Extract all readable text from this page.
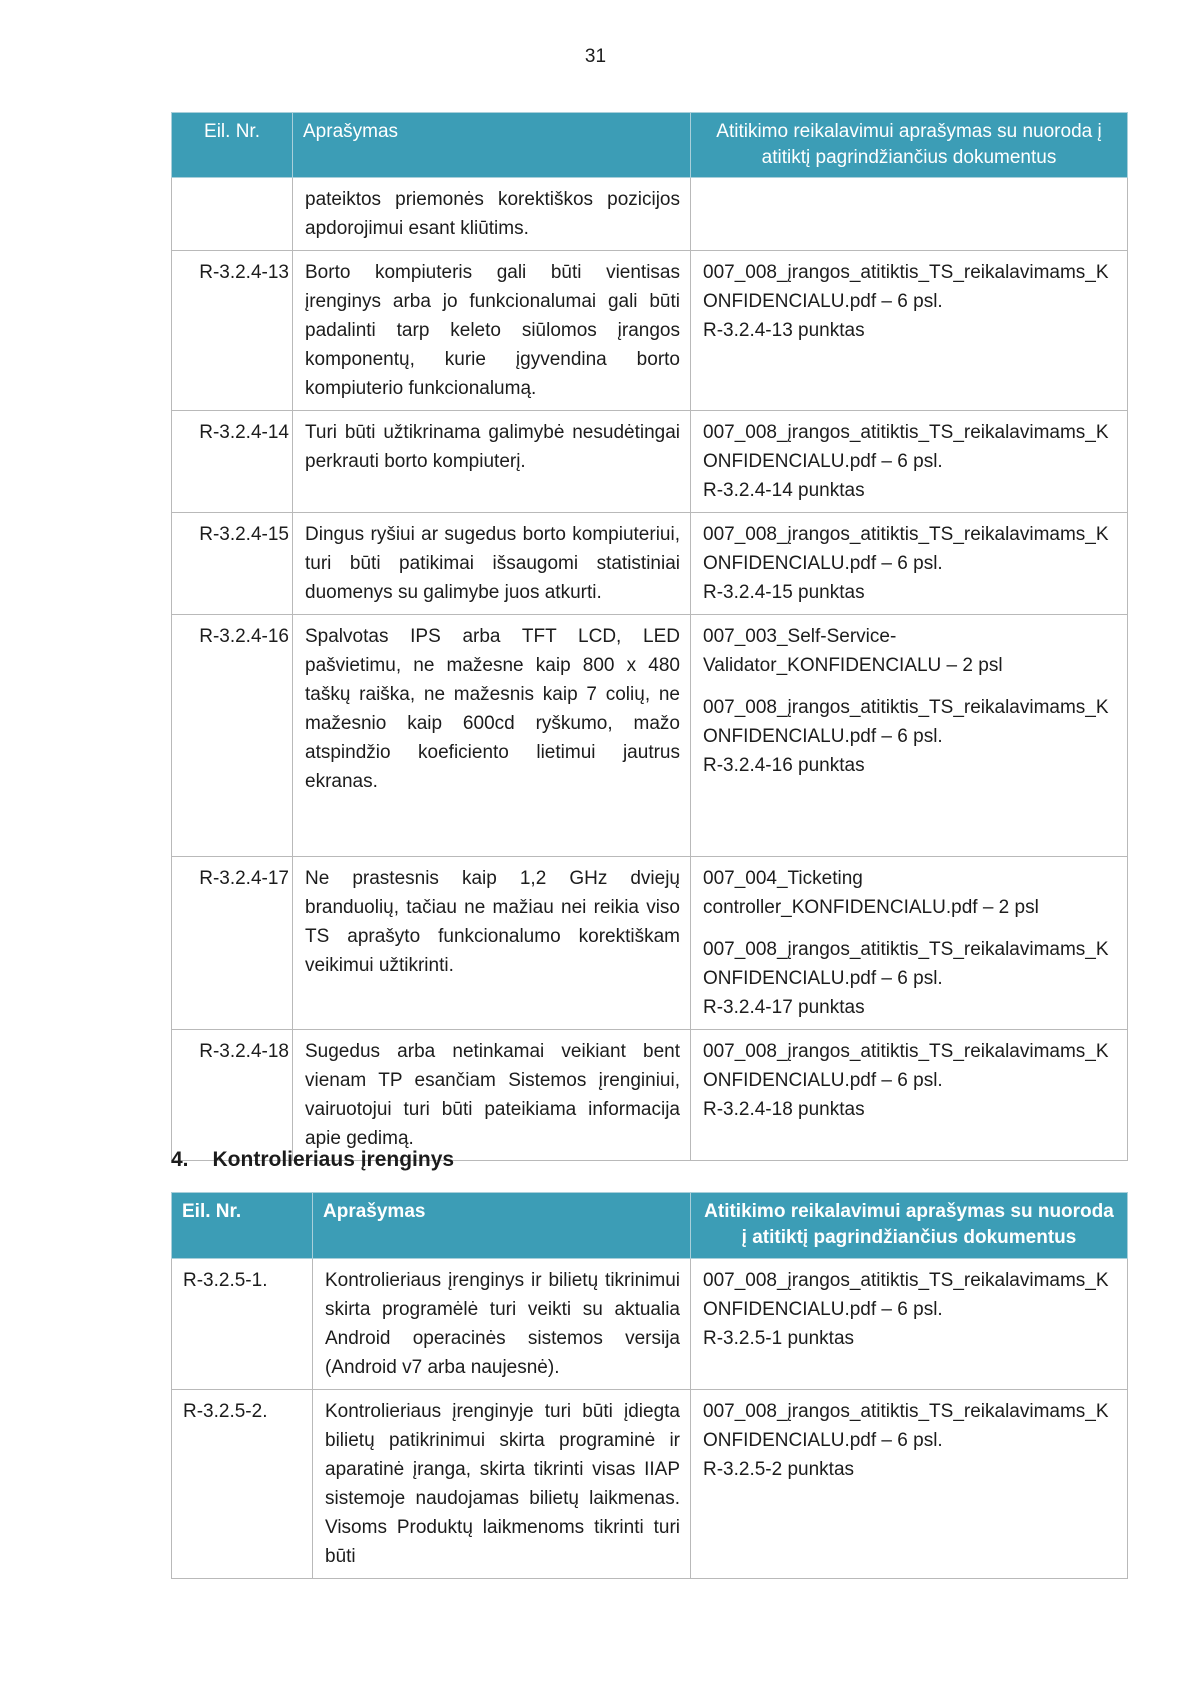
31
Eil. Nr.	Aprašymas	Atitikimo reikalavimui aprašymas su nuoroda į atitiktį pagrindžiančius dokumentus
	pateiktos priemonės korektiškos pozicijos apdorojimui esant kliūtims.	
R-3.2.4-13	Borto kompiuteris gali būti vientisas įrenginys arba jo funkcionalumai gali būti padalinti tarp keleto siūlomos įrangos komponentų, kurie įgyvendina borto kompiuterio funkcionalumą.	007_008_įrangos_atitiktis_TS_reikalavimams_KONFIDENCIALU.pdf – 6 psl.
R-3.2.4-13 punktas

R-3.2.4-14	Turi būti užtikrinama galimybė nesudėtingai perkrauti borto kompiuterį.	007_008_įrangos_atitiktis_TS_reikalavimams_KONFIDENCIALU.pdf – 6 psl.
R-3.2.4-14 punktas

R-3.2.4-15	Dingus ryšiui ar sugedus borto kompiuteriui, turi būti patikimai išsaugomi statistiniai duomenys su galimybe juos atkurti.	007_008_įrangos_atitiktis_TS_reikalavimams_KONFIDENCIALU.pdf – 6 psl.
R-3.2.4-15 punktas

R-3.2.4-16	Spalvotas IPS arba TFT LCD, LED pašvietimu, ne mažesne kaip 800 x 480 taškų raiška, ne mažesnis kaip 7 colių, ne mažesnio kaip 600cd ryškumo, mažo atspindžio koeficiento lietimui jautrus ekranas.	007_003_Self-Service-Validator_KONFIDENCIALU – 2 psl

007_008_įrangos_atitiktis_TS_reikalavimams_KONFIDENCIALU.pdf – 6 psl.
R-3.2.4-16 punktas

R-3.2.4-17	Ne prastesnis kaip 1,2 GHz dviejų branduolių, tačiau ne mažiau nei reikia viso TS aprašyto funkcionalumo korektiškam veikimui užtikrinti.	007_004_Ticketing controller_KONFIDENCIALU.pdf – 2 psl

007_008_įrangos_atitiktis_TS_reikalavimams_KONFIDENCIALU.pdf – 6 psl.
R-3.2.4-17 punktas

R-3.2.4-18	Sugedus arba netinkamai veikiant bent vienam TP esančiam Sistemos įrenginiui, vairuotojui turi būti pateikiama informacija apie gedimą.	007_008_įrangos_atitiktis_TS_reikalavimams_KONFIDENCIALU.pdf – 6 psl.
R-3.2.4-18 punktas

4. Kontrolieriaus įrenginys
Eil. Nr.	Aprašymas	Atitikimo reikalavimui aprašymas su nuoroda į atitiktį pagrindžiančius dokumentus
R-3.2.5-1.	Kontrolieriaus įrenginys ir bilietų tikrinimui skirta programėlė turi veikti su aktualia Android operacinės sistemos versija (Android v7 arba naujesnė).	007_008_įrangos_atitiktis_TS_reikalavimams_KONFIDENCIALU.pdf – 6 psl.
R-3.2.5-1 punktas

R-3.2.5-2.	Kontrolieriaus įrenginyje turi būti įdiegta bilietų patikrinimui skirta programinė ir aparatinė įranga, skirta tikrinti visas IIAP sistemoje naudojamas bilietų laikmenas. Visoms Produktų laikmenoms tikrinti turi būti	007_008_įrangos_atitiktis_TS_reikalavimams_KONFIDENCIALU.pdf – 6 psl.
R-3.2.5-2 punktas
